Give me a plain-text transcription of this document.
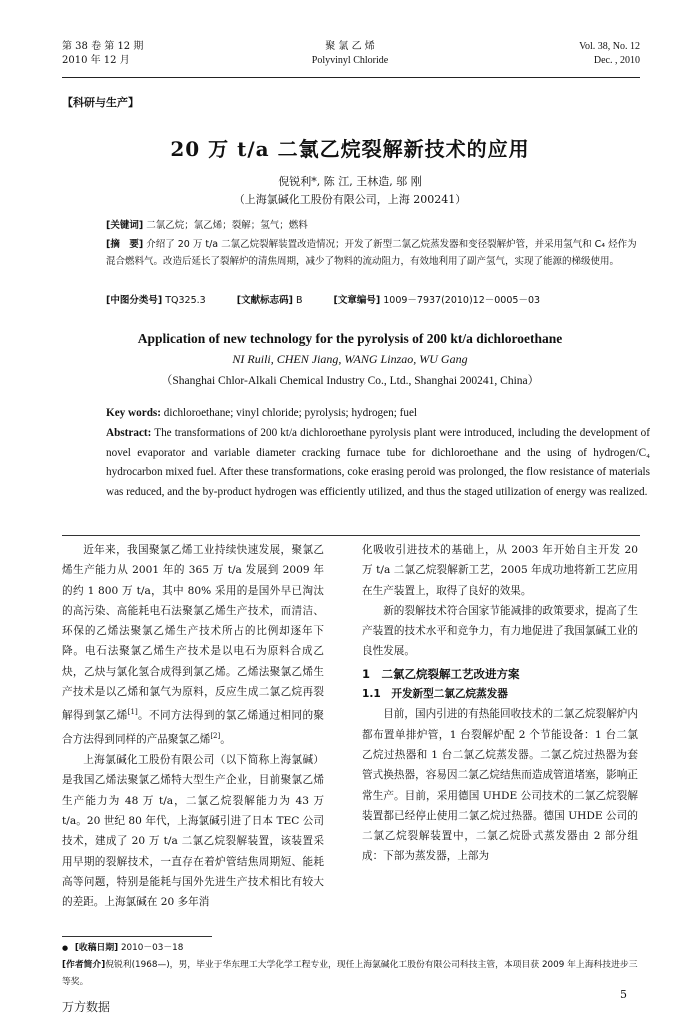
第 38 卷 第 12 期
2010 年 12 月
聚 氯 乙 烯
Polyvinyl Chloride
Vol. 38, No. 12
Dec. , 2010
【科研与生产】
20 万 t/a 二氯乙烷裂解新技术的应用
倪锐利*, 陈 江, 王林造, 邬 刚
（上海氯碱化工股份有限公司，上海 200241）
[关键词] 二氯乙烷；氯乙烯；裂解；氢气；燃料
[摘　要] 介绍了 20 万 t/a 二氯乙烷裂解装置改造情况；开发了新型二氯乙烷蒸发器和变径裂解炉管，并采用氢气和 C₄ 烃作为混合燃料气。改造后延长了裂解炉的清焦周期，减少了物料的流动阻力，有效地利用了副产氢气，实现了能源的梯级使用。
[中图分类号] TQ325.3	[文献标志码] B	[文章编号] 1009－7937(2010)12－0005－03
Application of new technology for the pyrolysis of 200 kt/a dichloroethane
NI Ruili, CHEN Jiang, WANG Linzao, WU Gang
（Shanghai Chlor-Alkali Chemical Industry Co., Ltd., Shanghai 200241, China）
Key words: dichloroethane; vinyl chloride; pyrolysis; hydrogen; fuel
Abstract: The transformations of 200 kt/a dichloroethane pyrolysis plant were introduced, including the development of novel evaporator and variable diameter cracking furnace tube for dichloroethane and the using of hydrogen/C₄ hydrocarbon mixed fuel. After these transformations, coke erasing peroid was prolonged, the flow resistance of materials was reduced, and the by-product hydrogen was efficiently utilized, and thus the staged utilization of energy was realized.

近年来，我国聚氯乙烯工业持续快速发展，聚氯乙烯生产能力从 2001 年的 365 万 t/a 发展到 2009 年的约 1 800 万 t/a，其中 80% 采用的是国外早已淘汰的高污染、高能耗电石法聚氯乙烯生产技术，而清洁、环保的乙烯法聚氯乙烯生产技术所占的比例却逐年下降。电石法聚氯乙烯生产技术是以电石为原料合成乙炔，乙炔与氯化氢合成得到氯乙烯。乙烯法聚氯乙烯生产技术是以乙烯和氯气为原料，反应生成二氯乙烷再裂解得到氯乙烯[1]。不同方法得到的氯乙烯通过相同的聚合方法得到同样的产品聚氯乙烯[2]。

上海氯碱化工股份有限公司（以下简称上海氯碱）是我国乙烯法聚氯乙烯特大型生产企业，目前聚氯乙烯生产能力为 48 万 t/a，二氯乙烷裂解能力为 43 万 t/a。20 世纪 80 年代，上海氯碱引进了日本 TEC 公司技术，建成了 20 万 t/a 二氯乙烷裂解装置，该装置采用早期的裂解技术，一直存在着炉管结焦周期短、能耗高等问题，特别是能耗与国外先进生产技术相比有较大的差距。上海氯碱在 20 多年消

化吸收引进技术的基础上，从 2003 年开始自主开发 20 万 t/a 二氯乙烷裂解新工艺，2005 年成功地将新工艺应用在生产装置上，取得了良好的效果。

新的裂解技术符合国家节能减排的政策要求，提高了生产装置的技术水平和竞争力，有力地促进了我国氯碱工业的良性发展。

1　二氯乙烷裂解工艺改进方案

1.1　开发新型二氯乙烷蒸发器

目前，国内引进的有热能回收技术的二氯乙烷裂解炉内都布置单排炉管，1 台裂解炉配 2 个节能设备：1 台二氯乙烷过热器和 1 台二氯乙烷蒸发器。二氯乙烷过热器为套管式换热器，容易因二氯乙烷结焦而造成管道堵塞，影响正常生产。目前，采用德国 UHDE 公司技术的二氯乙烷裂解装置都已经停止使用二氯乙烷过热器。德国 UHDE 公司的二氯乙烷裂解装置中，二氯乙烷卧式蒸发器由 2 部分组成：下部为蒸发器，上部为

● [收稿日期] 2010－03－18
[作者简介]倪锐利(1968—)，男，毕业于华东理工大学化学工程专业，现任上海氯碱化工股份有限公司科技主管，本项目获 2009 年上海科技进步三等奖。
5
万方数据
